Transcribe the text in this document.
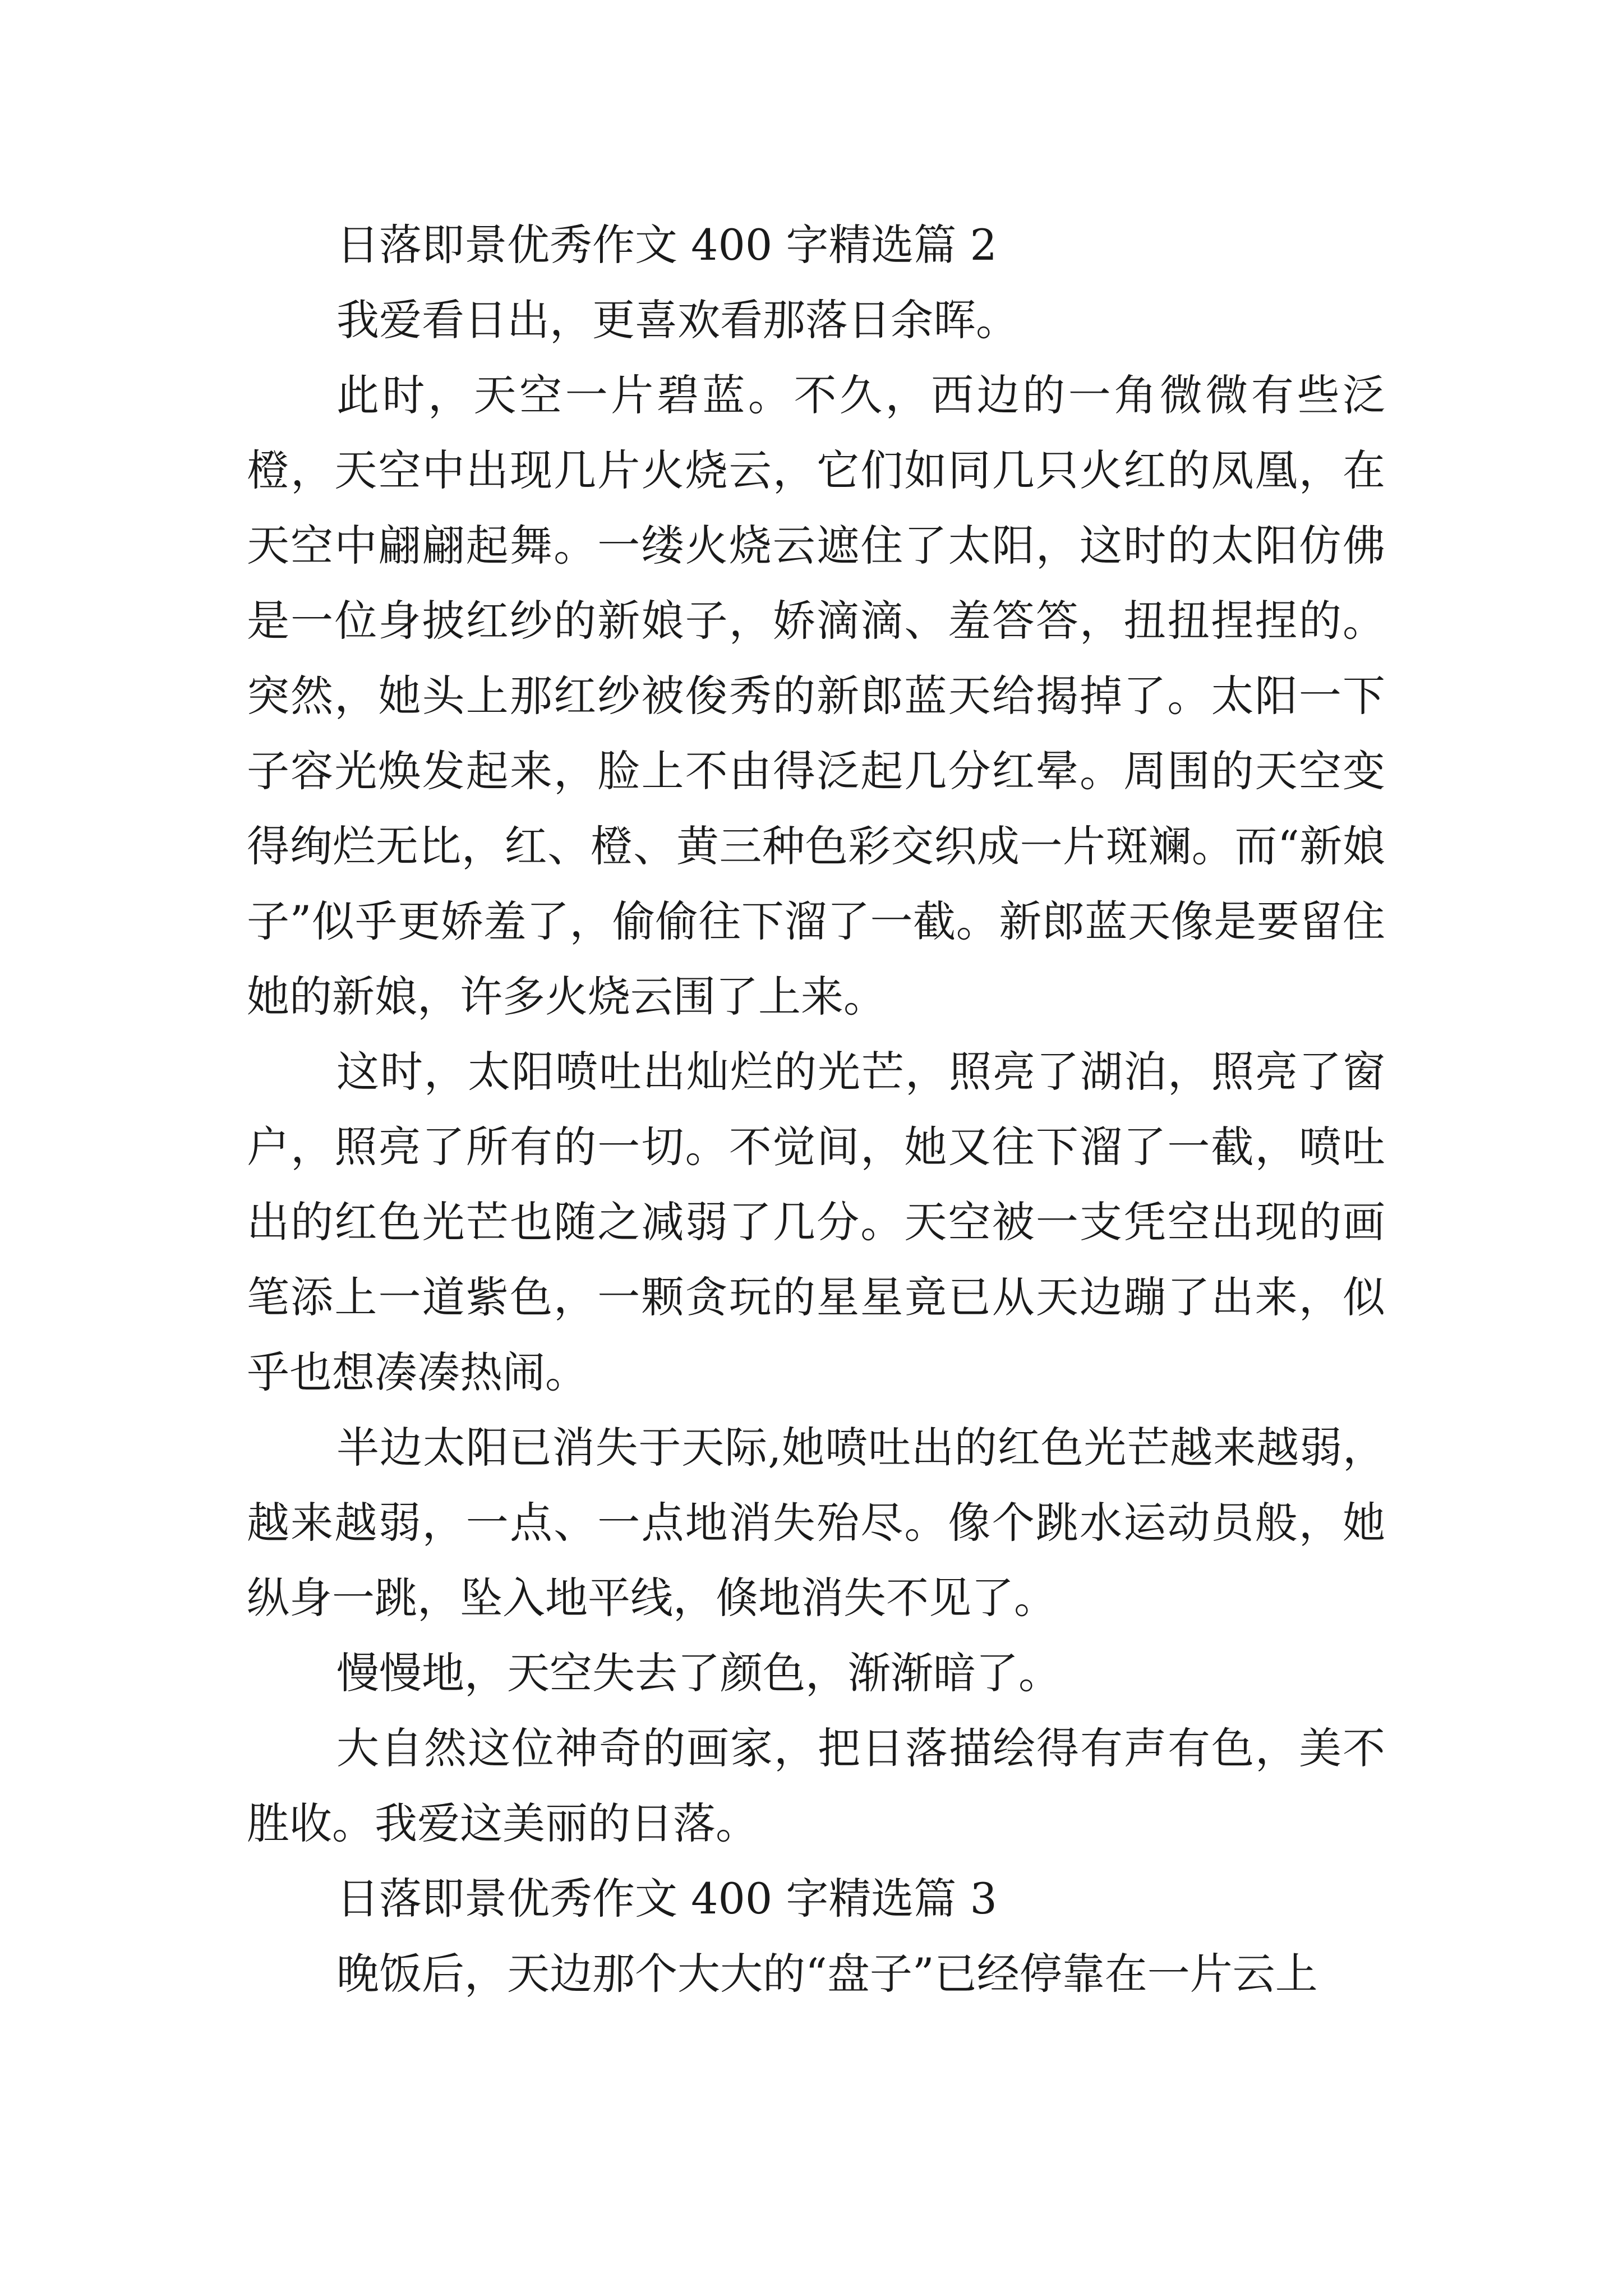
日落即景优秀作文 400 字精选篇 2

我爱看日出，更喜欢看那落日余晖。

此时，天空一片碧蓝。不久，西边的一角微微有些泛橙，天空中出现几片火烧云，它们如同几只火红的凤凰，在天空中翩翩起舞。一缕火烧云遮住了太阳，这时的太阳仿佛是一位身披红纱的新娘子，娇滴滴、羞答答，扭扭捏捏的。突然，她头上那红纱被俊秀的新郎蓝天给揭掉了。太阳一下子容光焕发起来，脸上不由得泛起几分红晕。周围的天空变得绚烂无比，红、橙、黄三种色彩交织成一片斑斓。而“新娘子”似乎更娇羞了，偷偷往下溜了一截。新郎蓝天像是要留住她的新娘，许多火烧云围了上来。

这时，太阳喷吐出灿烂的光芒，照亮了湖泊，照亮了窗户，照亮了所有的一切。不觉间，她又往下溜了一截，喷吐出的红色光芒也随之减弱了几分。天空被一支凭空出现的画笔添上一道紫色，一颗贪玩的星星竟已从天边蹦了出来，似乎也想凑凑热闹。

半边太阳已消失于天际,她喷吐出的红色光芒越来越弱，越来越弱，一点、一点地消失殆尽。像个跳水运动员般，她纵身一跳，坠入地平线，倏地消失不见了。

慢慢地，天空失去了颜色，渐渐暗了。

大自然这位神奇的画家，把日落描绘得有声有色，美不胜收。我爱这美丽的日落。

日落即景优秀作文 400 字精选篇 3

晚饭后，天边那个大大的“盘子”已经停靠在一片云上
